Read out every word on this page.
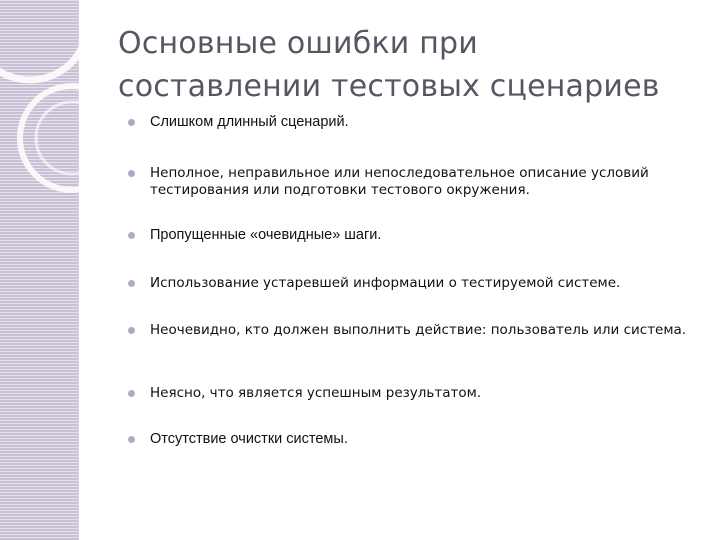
Основные ошибки при
составлении тестовых сценариев
Слишком длинный сценарий.
Неполное, неправильное или непоследовательное описание условий тестирования или подготовки тестового окружения.
Пропущенные «очевидные» шаги.
Использование устаревшей информации о тестируемой системе.
Неочевидно, кто должен выполнить действие: пользователь или система.
Неясно, что является успешным результатом.
Отсутствие очистки системы.
